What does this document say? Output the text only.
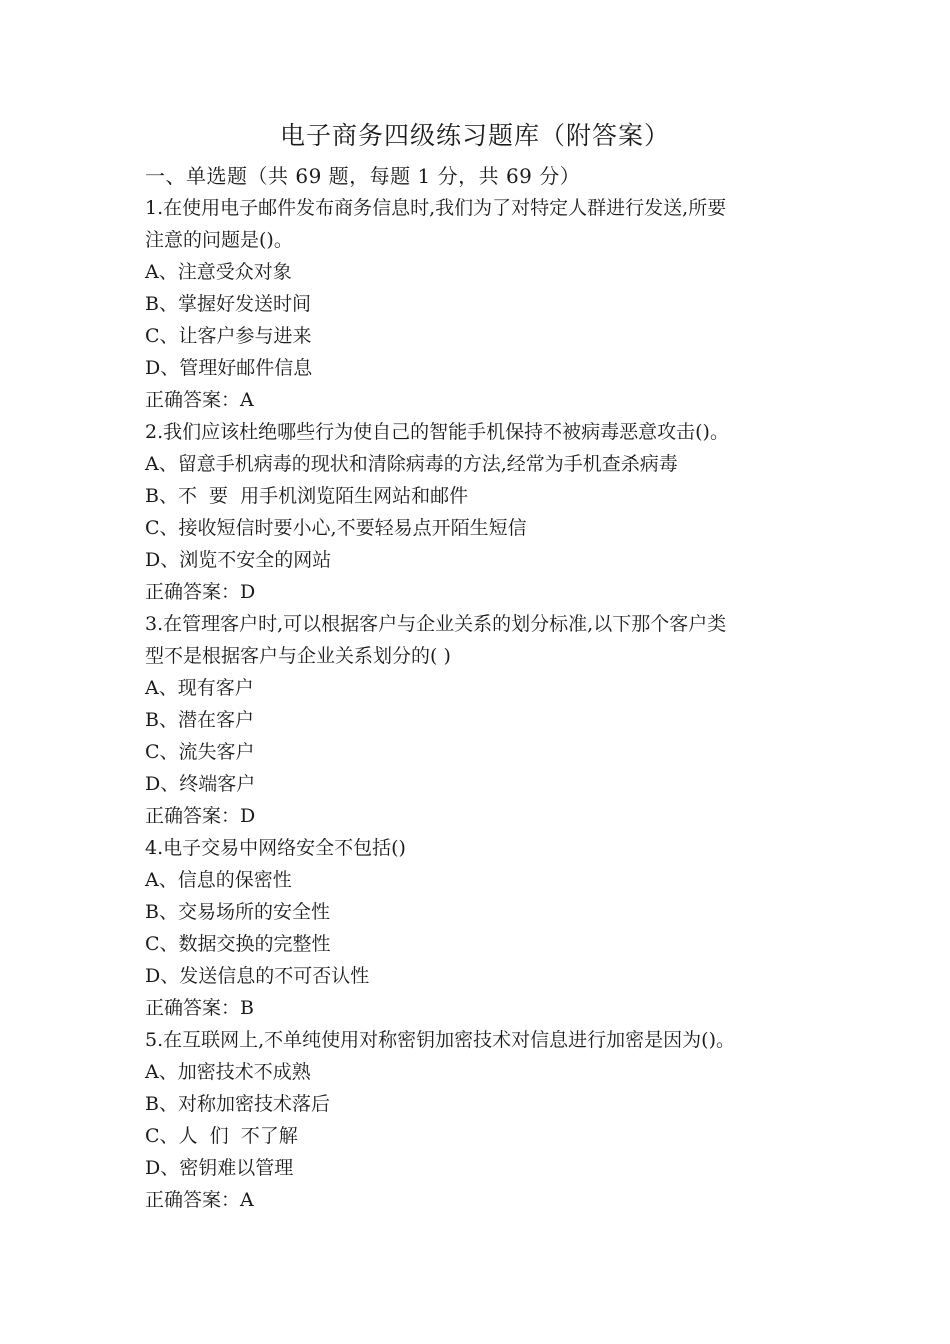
电子商务四级练习题库（附答案）

一、单选题（共 69 题，每题 1 分，共 69 分）

1.在使用电子邮件发布商务信息时,我们为了对特定人群进行发送,所要

注意的问题是()。

A、注意受众对象

B、掌握好发送时间

C、让客户参与进来

D、管理好邮件信息

正确答案：A

2.我们应该杜绝哪些行为使自己的智能手机保持不被病毒恶意攻击()。

A、留意手机病毒的现状和清除病毒的方法,经常为手机查杀病毒

B、不  要  用手机浏览陌生网站和邮件

C、接收短信时要小心,不要轻易点开陌生短信

D、浏览不安全的网站

正确答案：D

3.在管理客户时,可以根据客户与企业关系的划分标准,以下那个客户类

型不是根据客户与企业关系划分的( )

A、现有客户

B、潜在客户

C、流失客户

D、终端客户

正确答案：D

4.电子交易中网络安全不包括()

A、信息的保密性

B、交易场所的安全性

C、数据交换的完整性

D、发送信息的不可否认性

正确答案：B

5.在互联网上,不单纯使用对称密钥加密技术对信息进行加密是因为()。

A、加密技术不成熟

B、对称加密技术落后

C、人  们  不了解

D、密钥难以管理

正确答案：A
